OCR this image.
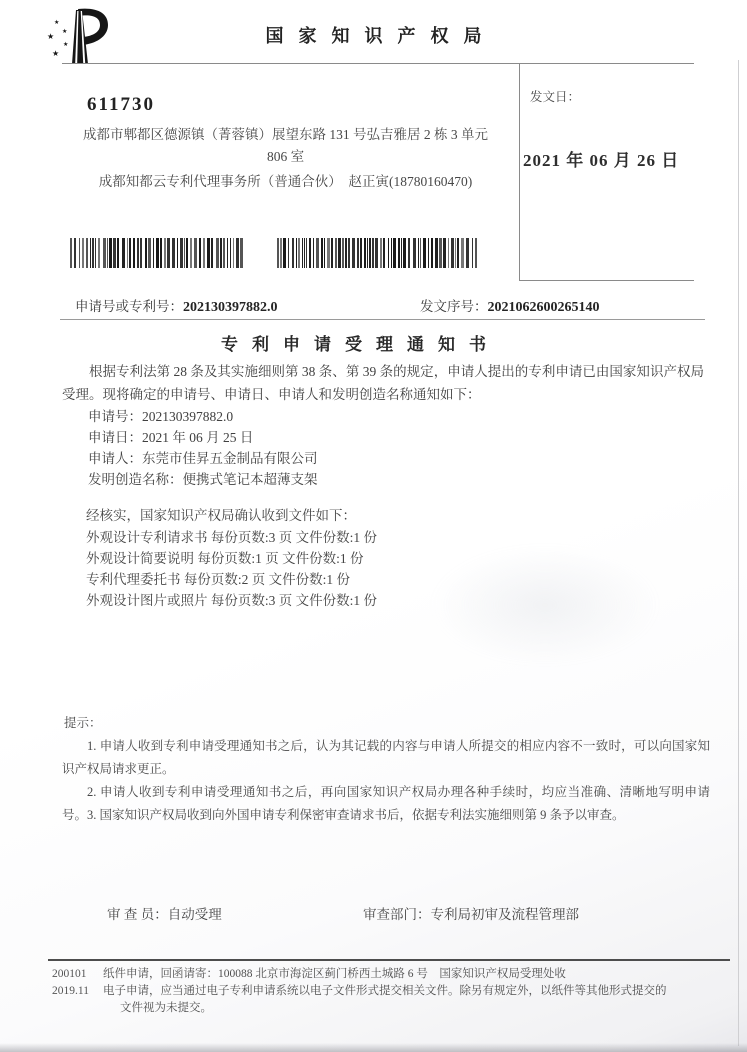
★
★
★
★
★
国家知识产权局
611730
成都市郫都区德源镇（菁蓉镇）展望东路 131 号弘吉雅居 2 栋 3 单元
806 室
成都知都云专利代理事务所（普通合伙）　赵正寅(18780160470)
发文日：
2021 年 06 月 26 日
申请号或专利号：202130397882.0	发文序号：2021062600265140
专利申请受理通知书
根据专利法第 28 条及其实施细则第 38 条、第 39 条的规定，申请人提出的专利申请已由国家知识产权局受理。现将确定的申请号、申请日、申请人和发明创造名称通知如下：
申请号：202130397882.0
申请日：2021 年 06 月 25 日
申请人：东莞市佳昇五金制品有限公司
发明创造名称：便携式笔记本超薄支架
经核实，国家知识产权局确认收到文件如下：
外观设计专利请求书 每份页数:3 页 文件份数:1 份
外观设计简要说明 每份页数:1 页 文件份数:1 份
专利代理委托书 每份页数:2 页 文件份数:1 份
外观设计图片或照片 每份页数:3 页 文件份数:1 份
提示：
1. 申请人收到专利申请受理通知书之后，认为其记载的内容与申请人所提交的相应内容不一致时，可以向国家知识产权局请求更正。
2. 申请人收到专利申请受理通知书之后，再向国家知识产权局办理各种手续时，均应当准确、清晰地写明申请号。 3. 国家知识产权局收到向外国申请专利保密审查请求书后，依据专利法实施细则第 9 条予以审查。
审 查 员：自动受理	审查部门：专利局初审及流程管理部
200101
2019.11
纸件申请，回函请寄：100088 北京市海淀区蓟门桥西土城路 6 号　国家知识产权局受理处收
电子申请，应当通过电子专利申请系统以电子文件形式提交相关文件。除另有规定外，以纸件等其他形式提交的
文件视为未提交。
